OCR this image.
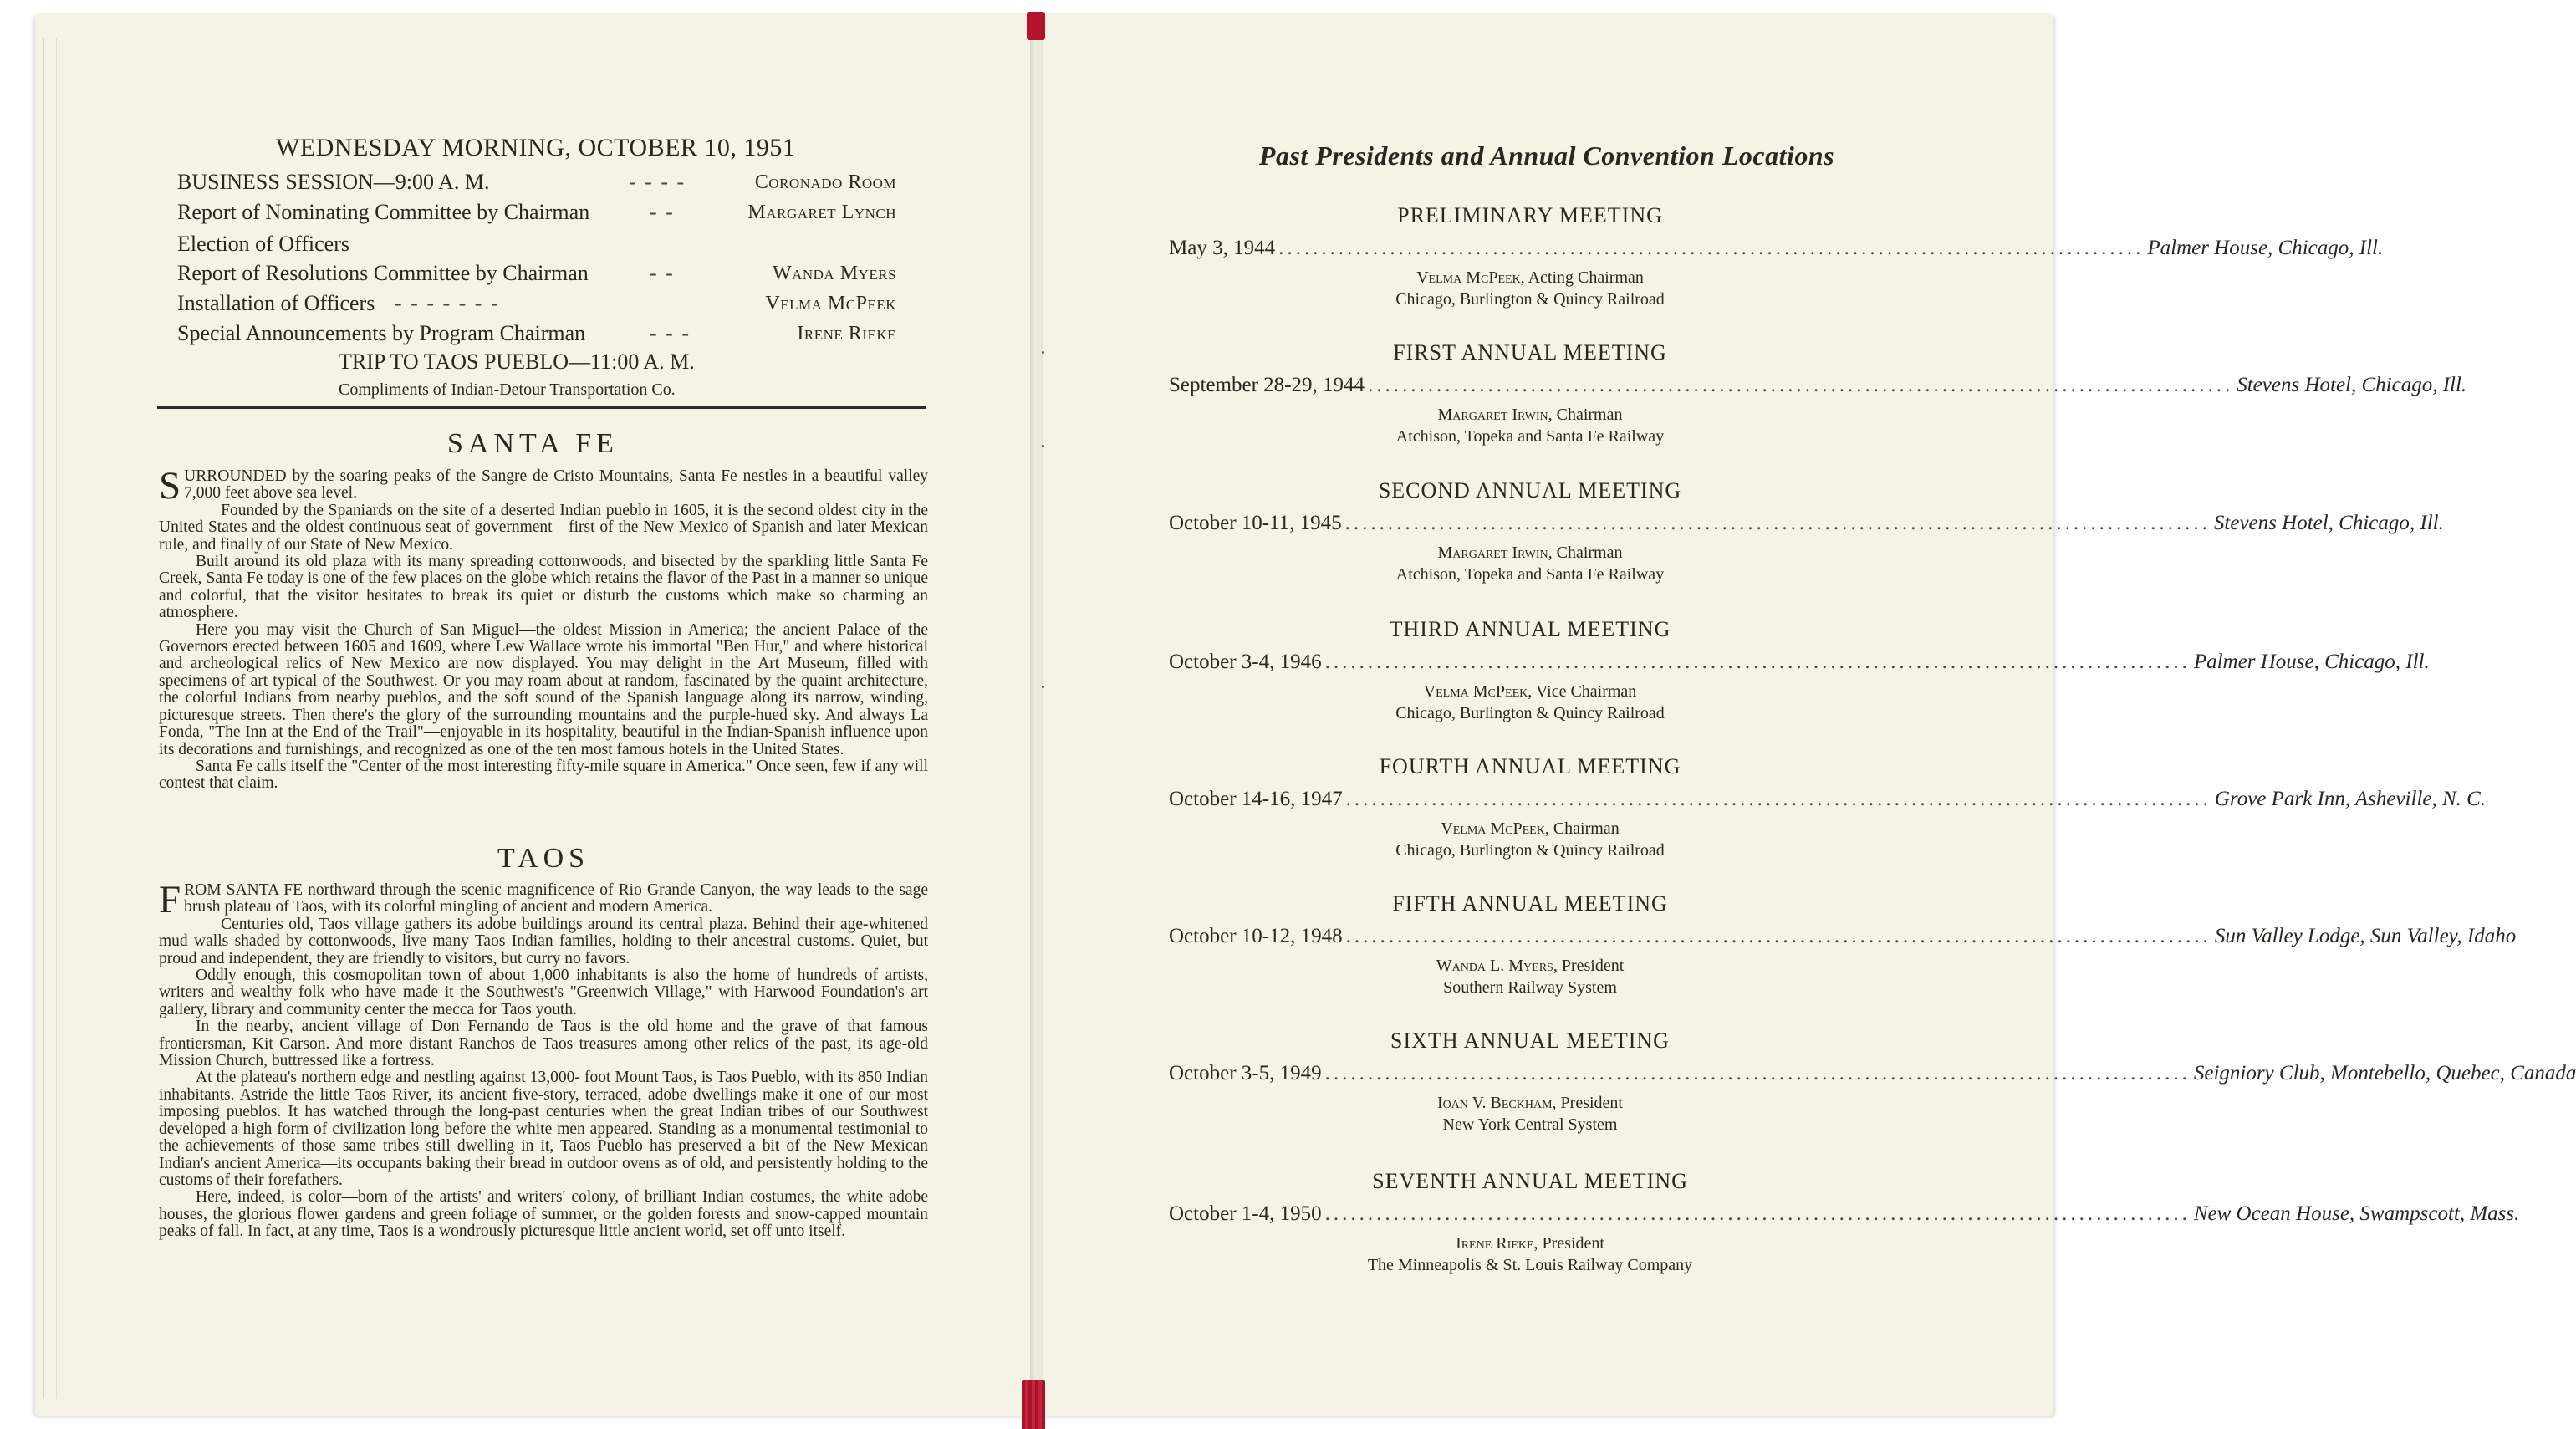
WEDNESDAY MORNING, OCTOBER 10, 1951
BUSINESS SESSION—9:00 A. M.	- - - -	Coronado Room
Report of Nominating Committee by Chairman	- -	Margaret Lynch
Election of Officers
Report of Resolutions Committee by Chairman	- -	Wanda Myers
Installation of Officers - - - - - - -	Velma McPeek
Special Announcements by Program Chairman	- - -	Irene Rieke
TRIP TO TAOS PUEBLO—11:00 A. M.
Compliments of Indian-Detour Transportation Co.
SANTA FE

SURROUNDED by the soaring peaks of the Sangre de Cristo Mountains, Santa Fe nestles in a beautiful valley 7,000 feet above sea level.

Founded by the Spaniards on the site of a deserted Indian pueblo in 1605, it is the second oldest city in the United States and the oldest continuous seat of government—first of the New Mexico of Spanish and later Mexican rule, and finally of our State of New Mexico.

Built around its old plaza with its many spreading cottonwoods, and bisected by the sparkling little Santa Fe Creek, Santa Fe today is one of the few places on the globe which retains the flavor of the Past in a manner so unique and colorful, that the visitor hesitates to break its quiet or disturb the customs which make so charming an atmosphere.

Here you may visit the Church of San Miguel—the oldest Mission in America; the ancient Palace of the Governors erected between 1605 and 1609, where Lew Wallace wrote his immortal "Ben Hur," and where historical and archeological relics of New Mexico are now displayed. You may delight in the Art Museum, filled with specimens of art typical of the Southwest. Or you may roam about at random, fascinated by the quaint architecture, the colorful Indians from nearby pueblos, and the soft sound of the Spanish language along its narrow, winding, picturesque streets. Then there's the glory of the surrounding mountains and the purple-hued sky. And always La Fonda, "The Inn at the End of the Trail"—enjoyable in its hospitality, beautiful in the Indian-Spanish influence upon its decorations and furnishings, and recognized as one of the ten most famous hotels in the United States.

Santa Fe calls itself the "Center of the most interesting fifty-mile square in America." Once seen, few if any will contest that claim.

TAOS

FROM SANTA FE northward through the scenic magnificence of Rio Grande Canyon, the way leads to the sage brush plateau of Taos, with its colorful mingling of ancient and modern America.

Centuries old, Taos village gathers its adobe buildings around its central plaza. Behind their age-whitened mud walls shaded by cottonwoods, live many Taos Indian families, holding to their ancestral customs. Quiet, but proud and independent, they are friendly to visitors, but curry no favors.

Oddly enough, this cosmopolitan town of about 1,000 inhabitants is also the home of hundreds of artists, writers and wealthy folk who have made it the Southwest's "Greenwich Village," with Harwood Foundation's art gallery, library and community center the mecca for Taos youth.

In the nearby, ancient village of Don Fernando de Taos is the old home and the grave of that famous frontiersman, Kit Carson. And more distant Ranchos de Taos treasures among other relics of the past, its age-old Mission Church, buttressed like a fortress.

At the plateau's northern edge and nestling against 13,000- foot Mount Taos, is Taos Pueblo, with its 850 Indian inhabitants. Astride the little Taos River, its ancient five-story, terraced, adobe dwellings make it one of our most imposing pueblos. It has watched through the long-past centuries when the great Indian tribes of our Southwest developed a high form of civilization long before the white men appeared. Standing as a monumental testimonial to the achievements of those same tribes still dwelling in it, Taos Pueblo has preserved a bit of the New Mexican Indian's ancient America—its occupants baking their bread in outdoor ovens as of old, and persistently holding to the customs of their forefathers.

Here, indeed, is color—born of the artists' and writers' colony, of brilliant Indian costumes, the white adobe houses, the glorious flower gardens and green foliage of summer, or the golden forests and snow-capped mountain peaks of fall. In fact, at any time, Taos is a wondrously picturesque little ancient world, set off unto itself.

Past Presidents and Annual Convention Locations
PRELIMINARY MEETING
May 3, 1944 ..................................................................................................... Palmer House, Chicago, Ill.
Velma McPeek, Acting Chairman
Chicago, Burlington & Quincy Railroad
FIRST ANNUAL MEETING
September 28-29, 1944 ..................................................................................................... Stevens Hotel, Chicago, Ill.
Margaret Irwin, Chairman
Atchison, Topeka and Santa Fe Railway
SECOND ANNUAL MEETING
October 10-11, 1945 ..................................................................................................... Stevens Hotel, Chicago, Ill.
Margaret Irwin, Chairman
Atchison, Topeka and Santa Fe Railway
THIRD ANNUAL MEETING
October 3-4, 1946 ..................................................................................................... Palmer House, Chicago, Ill.
Velma McPeek, Vice Chairman
Chicago, Burlington & Quincy Railroad
FOURTH ANNUAL MEETING
October 14-16, 1947 ..................................................................................................... Grove Park Inn, Asheville, N. C.
Velma McPeek, Chairman
Chicago, Burlington & Quincy Railroad
FIFTH ANNUAL MEETING
October 10-12, 1948 ..................................................................................................... Sun Valley Lodge, Sun Valley, Idaho
Wanda L. Myers, President
Southern Railway System
SIXTH ANNUAL MEETING
October 3-5, 1949 ..................................................................................................... Seigniory Club, Montebello, Quebec, Canada
Ioan V. Beckham, President
New York Central System
SEVENTH ANNUAL MEETING
October 1-4, 1950 ..................................................................................................... New Ocean House, Swampscott, Mass.
Irene Rieke, President
The Minneapolis & St. Louis Railway Company
